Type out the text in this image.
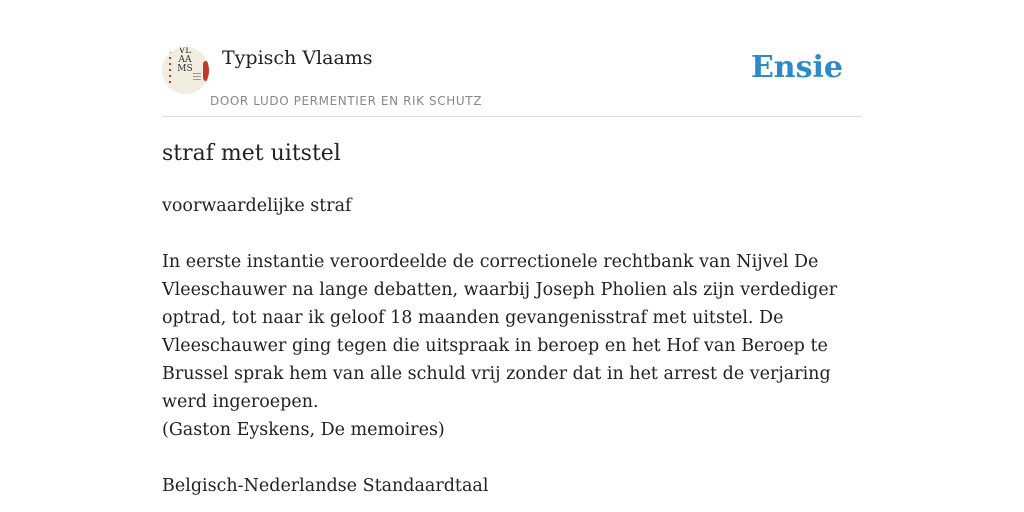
VLAAMS Typisch Vlaams
DOOR LUDO PERMENTIER EN RIK SCHUTZ
Ensie
straf met uitstel

voorwaardelijke straf

In eerste instantie veroordeelde de correctionele rechtbank van Nijvel De Vleeschauwer na lange debatten, waarbij Joseph Pholien als zijn verdediger optrad, tot naar ik geloof 18 maanden gevangenisstraf met uitstel. De Vleeschauwer ging tegen die uitspraak in beroep en het Hof van Beroep te Brussel sprak hem van alle schuld vrij zonder dat in het arrest de verjaring werd ingeroepen.

(Gaston Eyskens, De memoires)

Belgisch-Nederlandse Standaardtaal
